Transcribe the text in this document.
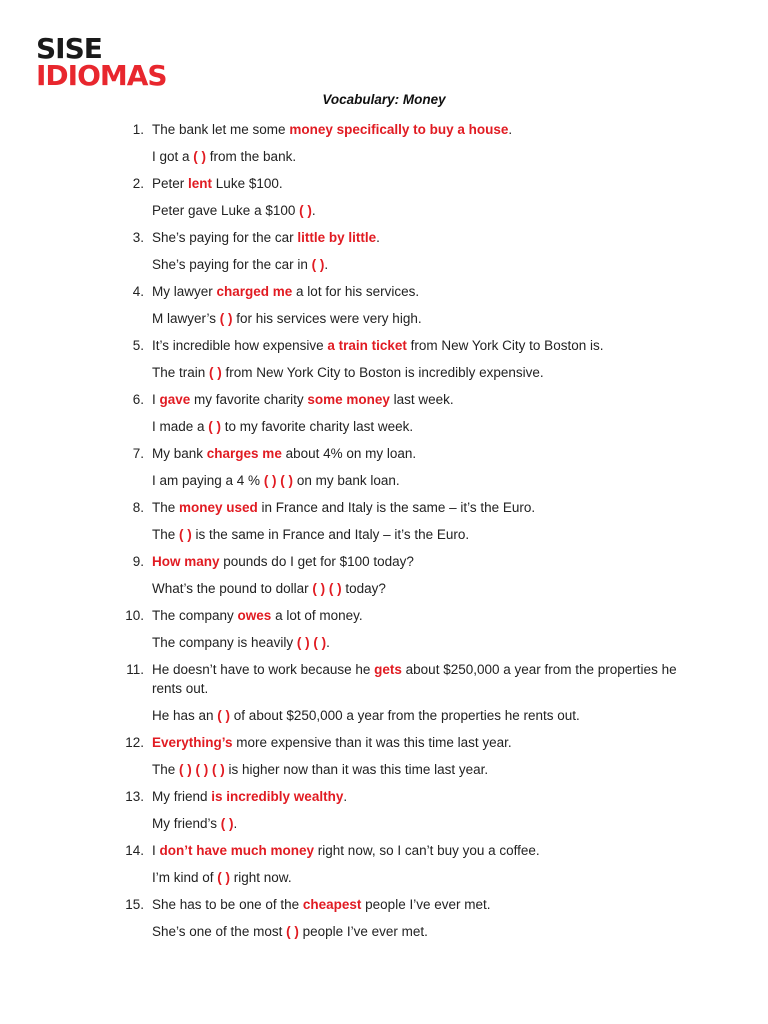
SISE
IDIOMAS
Vocabulary: Money
1. The bank let me some money specifically to buy a house.
I got a ( ) from the bank.
2. Peter lent Luke $100.
Peter gave Luke a $100 ( ).
3. She’s paying for the car little by little.
She’s paying for the car in ( ).
4. My lawyer charged me a lot for his services.
M lawyer’s ( ) for his services were very high.
5. It’s incredible how expensive a train ticket from New York City to Boston is.
The train ( ) from New York City to Boston is incredibly expensive.
6. I gave my favorite charity some money last week.
I made a ( ) to my favorite charity last week.
7. My bank charges me about 4% on my loan.
I am paying a 4 % ( ) ( ) on my bank loan.
8. The money used in France and Italy is the same – it’s the Euro.
The ( ) is the same in France and Italy – it’s the Euro.
9. How many pounds do I get for $100 today?
What’s the pound to dollar ( ) ( ) today?
10. The company owes a lot of money.
The company is heavily ( ) ( ).
11. He doesn’t have to work because he gets about $250,000 a year from the properties he rents out.
He has an ( ) of about $250,000 a year from the properties he rents out.
12. Everything’s more expensive than it was this time last year.
The ( ) ( ) ( ) is higher now than it was this time last year.
13. My friend is incredibly wealthy.
My friend’s ( ).
14. I don’t have much money right now, so I can’t buy you a coffee.
I’m kind of ( ) right now.
15. She has to be one of the cheapest people I’ve ever met.
She’s one of the most ( ) people I’ve ever met.
